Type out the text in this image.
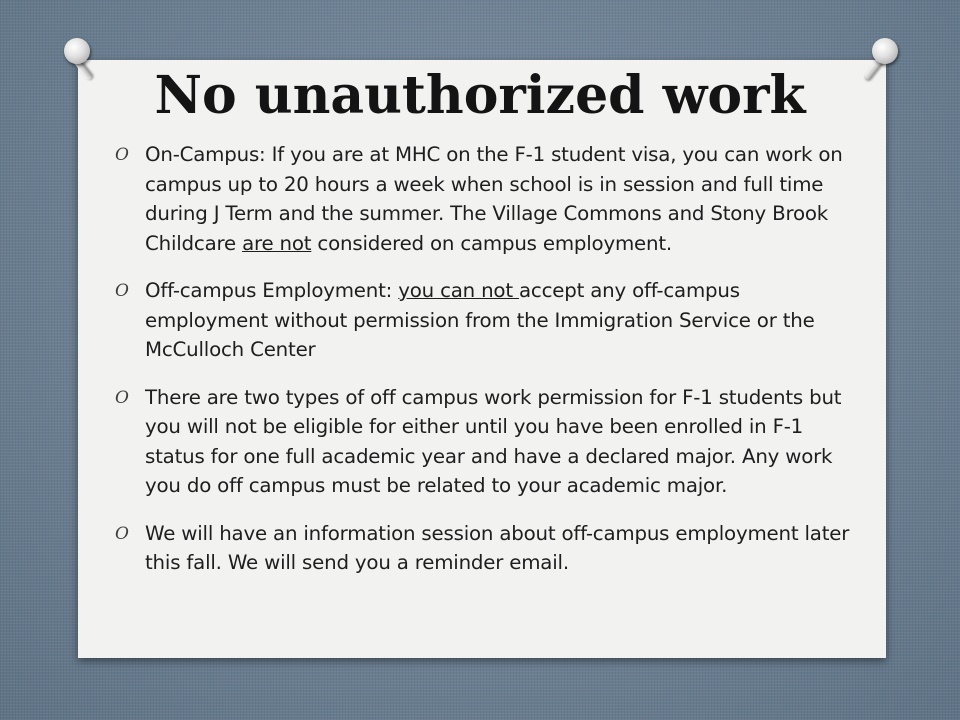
No unauthorized work
O On-Campus: If you are at MHC on the F-1 student visa, you can work on campus up to 20 hours a week when school is in session and full time during J Term and the summer. The Village Commons and Stony Brook Childcare are not considered on campus employment.
O Off-campus Employment: you can not accept any off-campus employment without permission from the Immigration Service or the McCulloch Center
O There are two types of off campus work permission for F-1 students but you will not be eligible for either until you have been enrolled in F-1 status for one full academic year and have a declared major. Any work you do off campus must be related to your academic major.
O We will have an information session about off-campus employment later this fall. We will send you a reminder email.
